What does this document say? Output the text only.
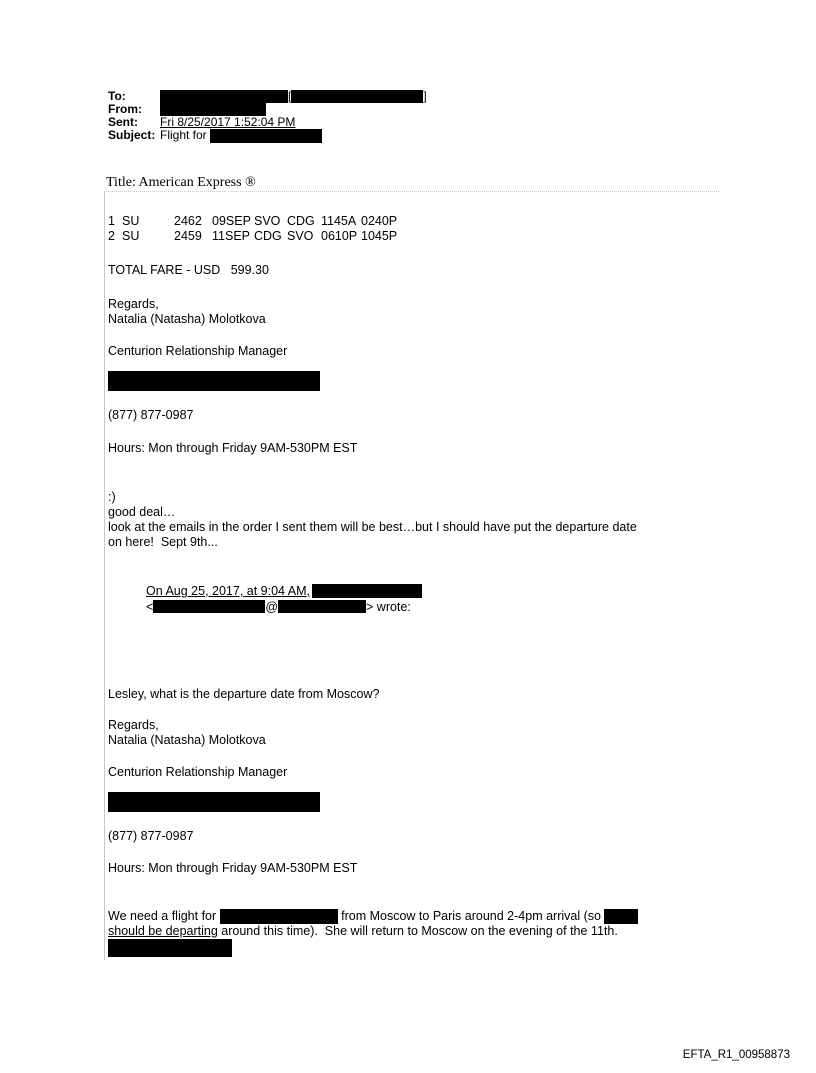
To:	[	]
From:
Sent: Fri 8/25/2017 1:52:04 PM
Subject: Flight for
Title: American Express ®
1 SU	2462 09SEP SVO CDG 1145A 0240P
2 SU	2459 11SEP CDG SVO 0610P 1045P
TOTAL FARE - USD   599.30
Regards,
Natalia (Natasha) Molotkova
Centurion Relationship Manager
(877) 877-0987
Hours: Mon through Friday 9AM-530PM EST
:)
good deal…
look at the emails in the order I sent them will be best…but I should have put the departure date
on here!  Sept 9th...
On Aug 25, 2017, at 9:04 AM,
<	@	> wrote:
Lesley, what is the departure date from Moscow?
Regards,
Natalia (Natasha) Molotkova
Centurion Relationship Manager
(877) 877-0987
Hours: Mon through Friday 9AM-530PM EST
We need a flight for	from Moscow to Paris around 2-4pm arrival (so
should be departing around this time).  She will return to Moscow on the evening of the 11th.
EFTA_R1_00958873
